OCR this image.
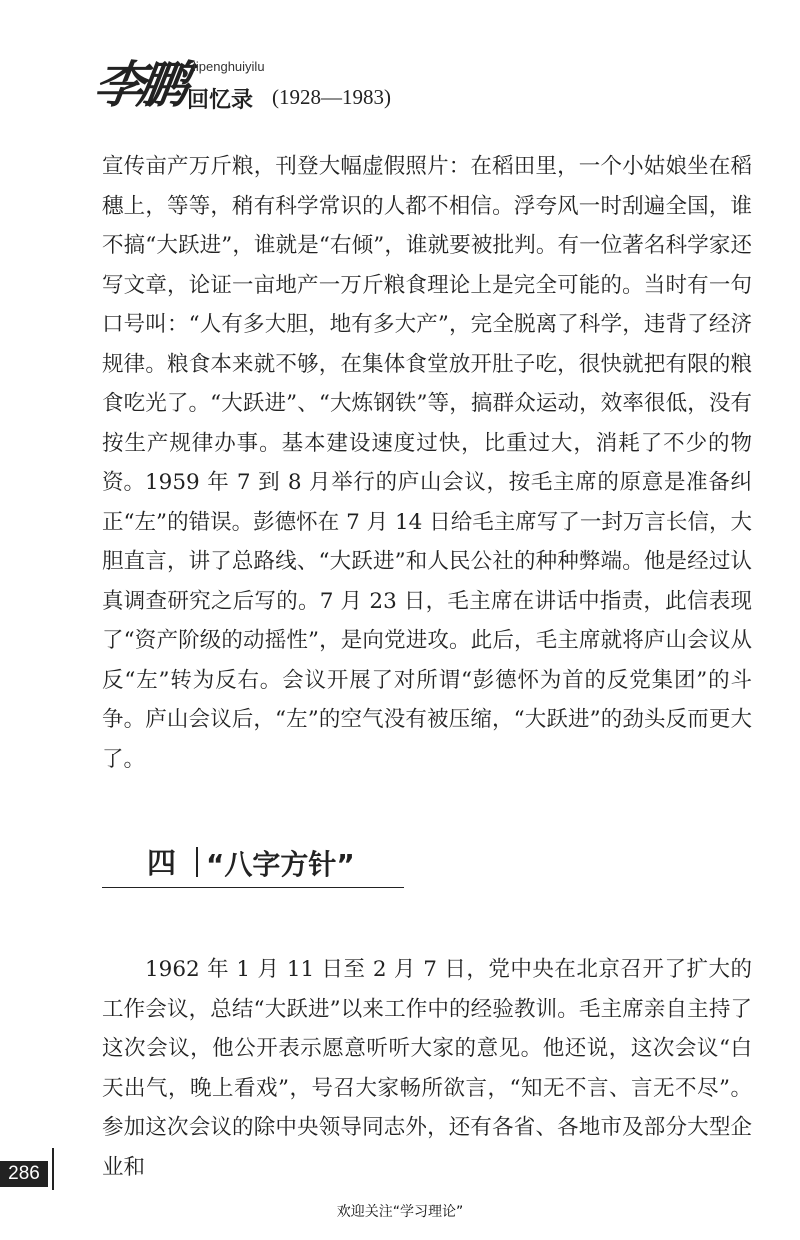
李鹏 lipenghuiyilu
回忆录 (1928—1983)
宣传亩产万斤粮，刊登大幅虚假照片：在稻田里，一个小姑娘坐在稻穗上，等等，稍有科学常识的人都不相信。浮夸风一时刮遍全国，谁不搞“大跃进”，谁就是“右倾”，谁就要被批判。有一位著名科学家还写文章，论证一亩地产一万斤粮食理论上是完全可能的。当时有一句口号叫：“人有多大胆，地有多大产”，完全脱离了科学，违背了经济规律。粮食本来就不够，在集体食堂放开肚子吃，很快就把有限的粮食吃光了。“大跃进”、“大炼钢铁”等，搞群众运动，效率很低，没有按生产规律办事。基本建设速度过快，比重过大，消耗了不少的物资。 1959 年 7 到 8 月举行的庐山会议，按毛主席的原意是准备纠正“左”的错误。彭德怀在 7 月 14 日给毛主席写了一封万言长信，大胆直言，讲了总路线、“大跃进”和人民公社的种种弊端。他是经过认真调查研究之后写的。7 月 23 日，毛主席在讲话中指责，此信表现了“资产阶级的动摇性”，是向党进攻。此后，毛主席就将庐山会议从反“左”转为反右。会议开展了对所谓“彭德怀为首的反党集团”的斗争。庐山会议后，“左”的空气没有被压缩，“大跃进”的劲头反而更大了。
四 “八字方针”
1962 年 1 月 11 日至 2 月 7 日，党中央在北京召开了扩大的工作会议，总结“大跃进”以来工作中的经验教训。毛主席亲自主持了这次会议，他公开表示愿意听听大家的意见。他还说，这次会议“白天出气，晚上看戏”，号召大家畅所欲言，“知无不言、言无不尽”。参加这次会议的除中央领导同志外，还有各省、各地市及部分大型企业和
286
欢迎关注“学习理论”
